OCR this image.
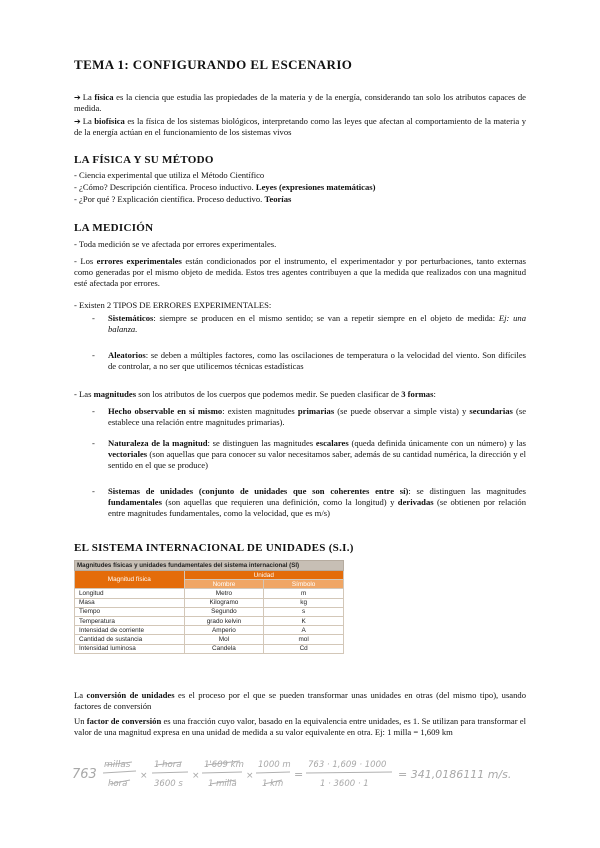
TEMA 1: CONFIGURANDO EL ESCENARIO
➔ La física es la ciencia que estudia las propiedades de la materia y de la energía, considerando tan solo los atributos capaces de medida.
➔ La biofísica es la física de los sistemas biológicos, interpretando como las leyes que afectan al comportamiento de la materia y de la energía actúan en el funcionamiento de los sistemas vivos
LA FÍSICA Y SU MÉTODO
- Ciencia experimental que utiliza el Método Científico
- ¿Cómo? Descripción científica. Proceso inductivo. Leyes (expresiones matemáticas)
- ¿Por qué ? Explicación científica. Proceso deductivo. Teorías
LA MEDICIÓN
- Toda medición se ve afectada por errores experimentales.
- Los errores experimentales están condicionados por el instrumento, el experimentador y por perturbaciones, tanto externas como generadas por el mismo objeto de medida. Estos tres agentes contribuyen a que la medida que realizados con una magnitud esté afectada por errores.
- Existen 2 TIPOS DE ERRORES EXPERIMENTALES:
- Sistemáticos: siempre se producen en el mismo sentido; se van a repetir siempre en el objeto de medida: Ej: una balanza.
- Aleatorios: se deben a múltiples factores, como las oscilaciones de temperatura o la velocidad del viento. Son difíciles de controlar, a no ser que utilicemos técnicas estadísticas
- Las magnitudes son los atributos de los cuerpos que podemos medir. Se pueden clasificar de 3 formas:
- Hecho observable en sí mismo: existen magnitudes primarias (se puede observar a simple vista) y secundarias (se establece una relación entre magnitudes primarias).
- Naturaleza de la magnitud: se distinguen las magnitudes escalares (queda definida únicamente con un número) y las vectoriales (son aquellas que para conocer su valor necesitamos saber, además de su cantidad numérica, la dirección y el sentido en el que se produce)
- Sistemas de unidades (conjunto de unidades que son coherentes entre sí): se distinguen las magnitudes fundamentales (son aquellas que requieren una definición, como la longitud) y derivadas (se obtienen por relación entre magnitudes fundamentales, como la velocidad, que es m/s)
EL SISTEMA INTERNACIONAL DE UNIDADES (S.I.)
Magnitudes físicas y unidades fundamentales del sistema internacional (SI)		
Magnitud física	Unidad	
	Nombre	Símbolo
Longitud	Metro	m
Masa	Kilogramo	kg
Tiempo	Segundo	s
Temperatura	grado kelvin	K
Intensidad de corriente	Amperio	A
Cantidad de sustancia	Mol	mol
Intensidad luminosa	Candela	Cd
La conversión de unidades es el proceso por el que se pueden transformar unas unidades en otras (del mismo tipo), usando factores de conversión
Un factor de conversión es una fracción cuyo valor, basado en la equivalencia entre unidades, es 1. Se utilizan para transformar el valor de una magnitud expresa en una unidad de medida a su valor equivalente en otra. Ej: 1 milla = 1,609 km
763
millas
hora
×
1 hora
3600 s
×
1'609 km
1 milla
×
1000 m
1 km
=
763 · 1,609 · 1000
1 · 3600 · 1
= 341,0186111 m/s.
